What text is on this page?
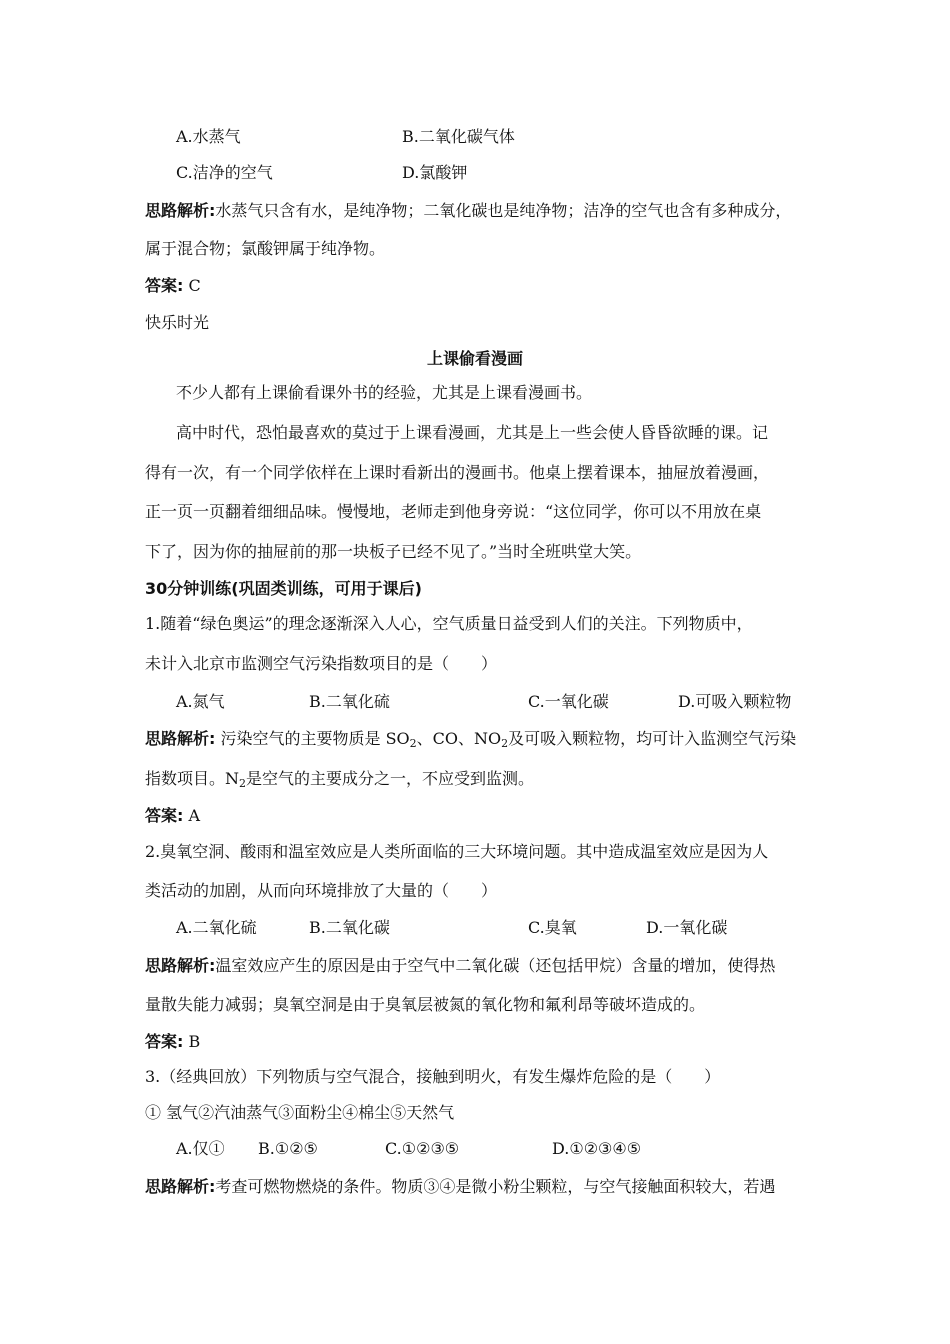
A.水蒸气	B.二氧化碳气体
C.洁净的空气	D.氯酸钾
思路解析:水蒸气只含有水，是纯净物；二氧化碳也是纯净物；洁净的空气也含有多种成分，
属于混合物；氯酸钾属于纯净物。
答案: C
快乐时光
上课偷看漫画
不少人都有上课偷看课外书的经验，尤其是上课看漫画书。
高中时代，恐怕最喜欢的莫过于上课看漫画，尤其是上一些会使人昏昏欲睡的课。记
得有一次，有一个同学依样在上课时看新出的漫画书。他桌上摆着课本，抽屉放着漫画，
正一页一页翻着细细品味。慢慢地，老师走到他身旁说：“这位同学，你可以不用放在桌
下了，因为你的抽屉前的那一块板子已经不见了。”当时全班哄堂大笑。
30分钟训练(巩固类训练，可用于课后)
1.随着“绿色奥运”的理念逐渐深入人心，空气质量日益受到人们的关注。下列物质中，
未计入北京市监测空气污染指数项目的是（　　）
A.氮气	B.二氧化硫	C.一氧化碳	D.可吸入颗粒物
思路解析: 污染空气的主要物质是 $SO_2$、CO、$NO_2$及可吸入颗粒物，均可计入监测空气污染
指数项目。$N_2$是空气的主要成分之一，不应受到监测。
答案: A
2.臭氧空洞、酸雨和温室效应是人类所面临的三大环境问题。其中造成温室效应是因为人
类活动的加剧，从而向环境排放了大量的（　　）
A.二氧化硫	B.二氧化碳	C.臭氧	D.一氧化碳
思路解析:温室效应产生的原因是由于空气中二氧化碳（还包括甲烷）含量的增加，使得热
量散失能力减弱；臭氧空洞是由于臭氧层被氮的氧化物和氟利昂等破坏造成的。
答案: B
3.（经典回放）下列物质与空气混合，接触到明火，有发生爆炸危险的是（　　）
① 氢气②汽油蒸气③面粉尘④棉尘⑤天然气
A.仅① B.①②⑤	C.①②③⑤	D.①②③④⑤
思路解析:考查可燃物燃烧的条件。物质③④是微小粉尘颗粒，与空气接触面积较大，若遇
